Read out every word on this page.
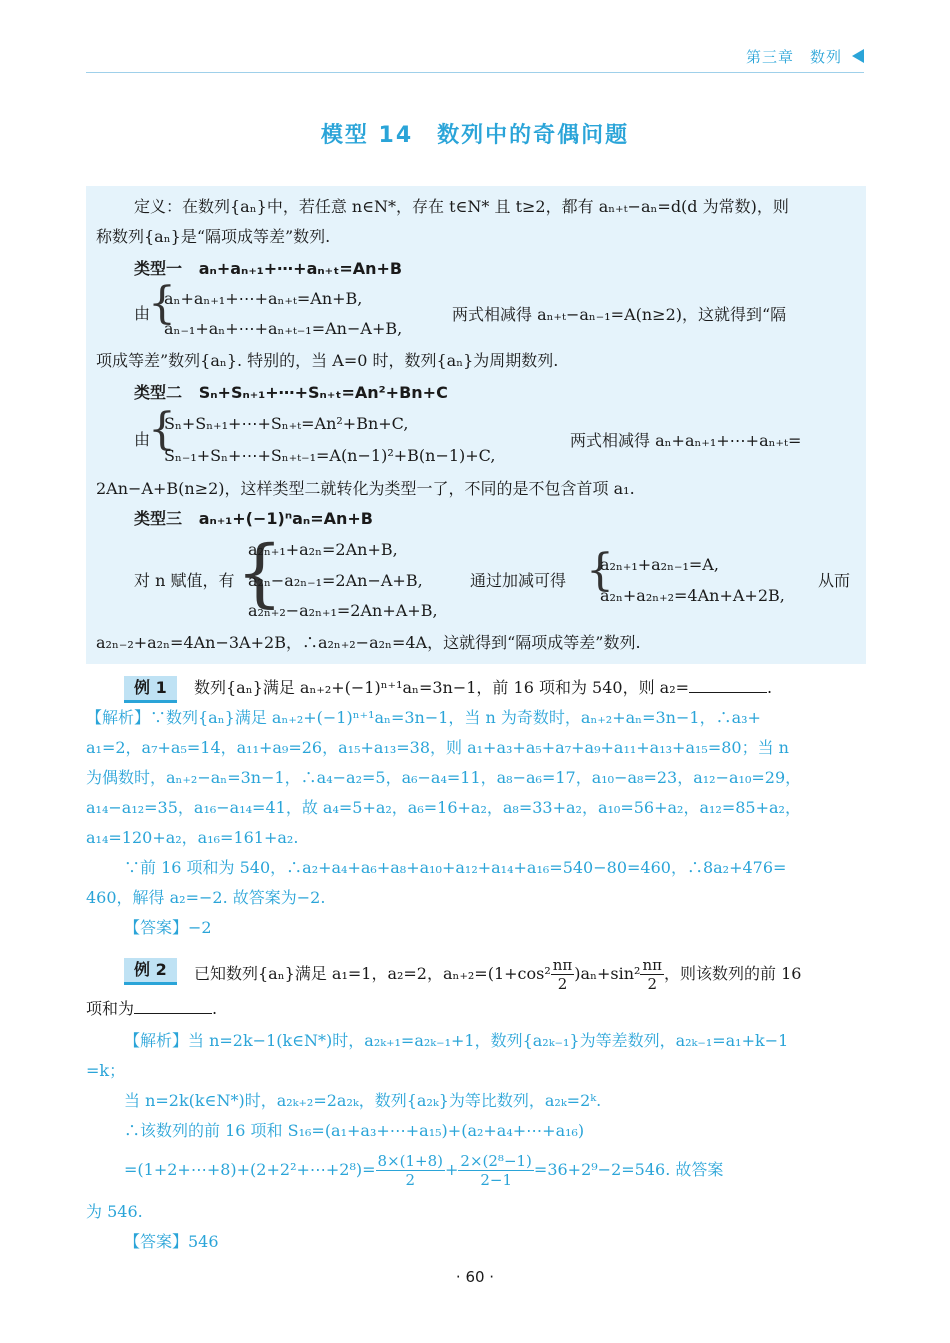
第三章　数列
模型 14　数列中的奇偶问题
定义：在数列{aₙ}中，若任意 n∈N*，存在 t∈N* 且 t≥2，都有 aₙ₊ₜ−aₙ=d(d 为常数)，则
称数列{aₙ}是“隔项成等差”数列.
类型一 aₙ+aₙ₊₁+⋯+aₙ₊ₜ=An+B
由
{
aₙ+aₙ₊₁+⋯+aₙ₊ₜ=An+B,
aₙ₋₁+aₙ+⋯+aₙ₊ₜ₋₁=An−A+B,
两式相减得 aₙ₊ₜ−aₙ₋₁=A(n≥2)，这就得到“隔
项成等差”数列{aₙ}. 特别的，当 A=0 时，数列{aₙ}为周期数列.
类型二 Sₙ+Sₙ₊₁+⋯+Sₙ₊ₜ=An²+Bn+C
由
{
Sₙ+Sₙ₊₁+⋯+Sₙ₊ₜ=An²+Bn+C,
Sₙ₋₁+Sₙ+⋯+Sₙ₊ₜ₋₁=A(n−1)²+B(n−1)+C,
两式相减得 aₙ+aₙ₊₁+⋯+aₙ₊ₜ=
2An−A+B(n≥2)，这样类型二就转化为类型一了，不同的是不包含首项 a₁.
类型三 aₙ₊₁+(−1)ⁿaₙ=An+B
对 n 赋值，有 {
a₂ₙ₊₁+a₂ₙ=2An+B,
a₂ₙ−a₂ₙ₋₁=2An−A+B,
a₂ₙ₊₂−a₂ₙ₊₁=2An+A+B,
通过加减可得 {
a₂ₙ₊₁+a₂ₙ₋₁=A,
a₂ₙ+a₂ₙ₊₂=4An+A+2B,
从而
a₂ₙ₋₂+a₂ₙ=4An−3A+2B，∴a₂ₙ₊₂−a₂ₙ=4A，这就得到“隔项成等差”数列.
例 1	数列{aₙ}满足 aₙ₊₂+(−1)ⁿ⁺¹aₙ=3n−1，前 16 项和为 540，则 a₂=	.
【解析】∵数列{aₙ}满足 aₙ₊₂+(−1)ⁿ⁺¹aₙ=3n−1，当 n 为奇数时，aₙ₊₂+aₙ=3n−1，∴a₃+
a₁=2，a₇+a₅=14，a₁₁+a₉=26，a₁₅+a₁₃=38，则 a₁+a₃+a₅+a₇+a₉+a₁₁+a₁₃+a₁₅=80；当 n
为偶数时，aₙ₊₂−aₙ=3n−1，∴a₄−a₂=5，a₆−a₄=11，a₈−a₆=17，a₁₀−a₈=23，a₁₂−a₁₀=29，
a₁₄−a₁₂=35，a₁₆−a₁₄=41，故 a₄=5+a₂，a₆=16+a₂，a₈=33+a₂，a₁₀=56+a₂，a₁₂=85+a₂，
a₁₄=120+a₂，a₁₆=161+a₂.
∵前 16 项和为 540，∴a₂+a₄+a₆+a₈+a₁₀+a₁₂+a₁₄+a₁₆=540−80=460，∴8a₂+476=
460，解得 a₂=−2. 故答案为−2.
【答案】−2
例 2	已知数列{aₙ}满足 a₁=1，a₂=2，$a_{n+2}=(1+\cos^2 \frac{n\pi}{2} )a_n+\sin^2 \frac{n\pi}{2}$ ，则该数列的前 16
项和为	.
【解析】当 n=2k−1(k∈N*)时，a₂ₖ₊₁=a₂ₖ₋₁+1，数列{a₂ₖ₋₁}为等差数列，a₂ₖ₋₁=a₁+k−1
=k；
当 n=2k(k∈N*)时，a₂ₖ₊₂=2a₂ₖ，数列{a₂ₖ}为等比数列，a₂ₖ=2ᵏ.
∴该数列的前 16 项和 S₁₆=(a₁+a₃+⋯+a₁₅)+(a₂+a₄+⋯+a₁₆)
=(1+2+⋯+8)+(2+2²+⋯+2⁸)= $\frac{8\times(1+8)}{2} + \frac{\text{2×(2⁸−1)}}{2-1} =36+2^9-2=546$. 故答案
为 546.
【答案】546
· 60 ·
